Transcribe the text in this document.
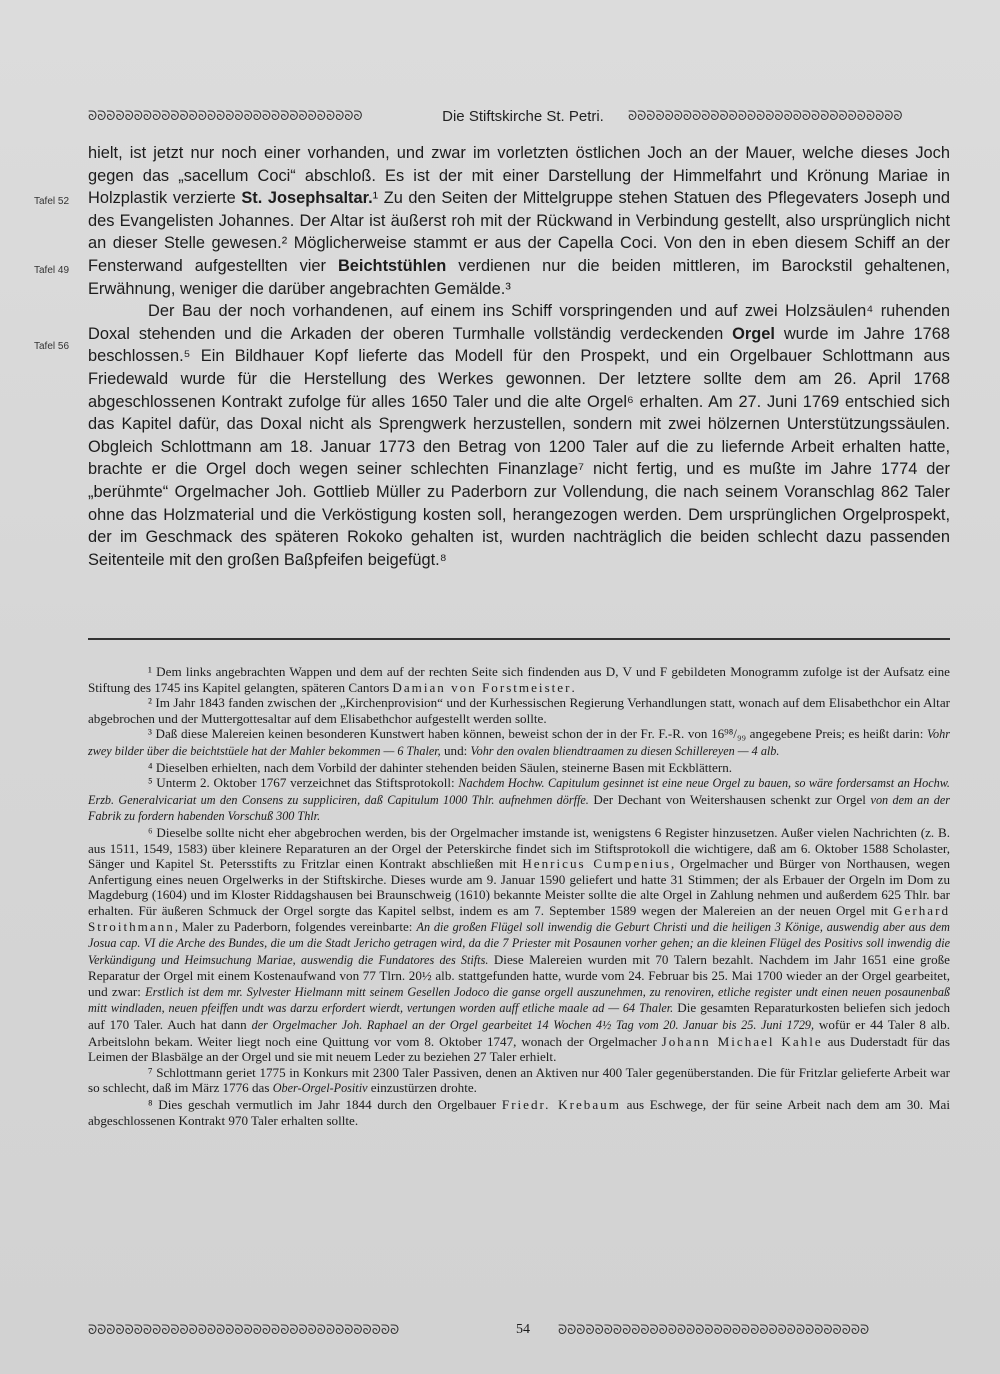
ᘐᘐᘐᘐᘐᘐᘐᘐᘐᘐᘐᘐᘐᘐᘐᘐᘐᘐᘐᘐᘐᘐᘐᘐᘐᘐᘐᘐᘐᘐ	Die Stiftskirche St. Petri.	ᘐᘐᘐᘐᘐᘐᘐᘐᘐᘐᘐᘐᘐᘐᘐᘐᘐᘐᘐᘐᘐᘐᘐᘐᘐᘐᘐᘐᘐᘐ
Tafel 52
Tafel 49
Tafel 56

hielt, ist jetzt nur noch einer vorhanden, und zwar im vorletzten östlichen Joch an der Mauer, welche dieses Joch gegen das „sacellum Coci“ abschloß. Es ist der mit einer Darstellung der Himmelfahrt und Krönung Mariae in Holzplastik verzierte St. Josephsaltar.¹ Zu den Seiten der Mittelgruppe stehen Statuen des Pflegevaters Joseph und des Evangelisten Johannes. Der Altar ist äußerst roh mit der Rückwand in Verbindung gestellt, also ursprünglich nicht an dieser Stelle gewesen.² Möglicherweise stammt er aus der Capella Coci. Von den in eben diesem Schiff an der Fensterwand aufgestellten vier Beichtstühlen verdienen nur die beiden mittleren, im Barockstil gehaltenen, Erwähnung, weniger die darüber angebrachten Gemälde.³

Der Bau der noch vorhandenen, auf einem ins Schiff vorspringenden und auf zwei Holzsäulen⁴ ruhenden Doxal stehenden und die Arkaden der oberen Turmhalle vollständig verdeckenden Orgel wurde im Jahre 1768 beschlossen.⁵ Ein Bildhauer Kopf lieferte das Modell für den Prospekt, und ein Orgelbauer Schlottmann aus Friedewald wurde für die Herstellung des Werkes gewonnen. Der letztere sollte dem am 26. April 1768 abgeschlossenen Kontrakt zufolge für alles 1650 Taler und die alte Orgel⁶ erhalten. Am 27. Juni 1769 entschied sich das Kapitel dafür, das Doxal nicht als Sprengwerk herzustellen, sondern mit zwei hölzernen Unterstützungssäulen. Obgleich Schlottmann am 18. Januar 1773 den Betrag von 1200 Taler auf die zu liefernde Arbeit erhalten hatte, brachte er die Orgel doch wegen seiner schlechten Finanzlage⁷ nicht fertig, und es mußte im Jahre 1774 der „berühmte“ Orgelmacher Joh. Gottlieb Müller zu Paderborn zur Vollendung, die nach seinem Voranschlag 862 Taler ohne das Holzmaterial und die Verköstigung kosten soll, herangezogen werden. Dem ursprünglichen Orgelprospekt, der im Geschmack des späteren Rokoko gehalten ist, wurden nachträglich die beiden schlecht dazu passenden Seitenteile mit den großen Baßpfeifen beigefügt.⁸

¹ Dem links angebrachten Wappen und dem auf der rechten Seite sich findenden aus D, V und F gebildeten Monogramm zufolge ist der Aufsatz eine Stiftung des 1745 ins Kapitel gelangten, späteren Cantors Damian von Forstmeister.

² Im Jahr 1843 fanden zwischen der „Kirchenprovision“ und der Kurhessischen Regierung Verhandlungen statt, wonach auf dem Elisabethchor ein Altar abgebrochen und der Muttergottesaltar auf dem Elisabethchor aufgestellt werden sollte.

³ Daß diese Malereien keinen besonderen Kunstwert haben können, beweist schon der in der Fr. F.-R. von 16⁹⁸/₉₉ angegebene Preis; es heißt darin: Vohr zwey bilder über die beichtstüele hat der Mahler bekommen — 6 Thaler, und: Vohr den ovalen bliendtraamen zu diesen Schillereyen — 4 alb.

⁴ Dieselben erhielten, nach dem Vorbild der dahinter stehenden beiden Säulen, steinerne Basen mit Eckblättern.

⁵ Unterm 2. Oktober 1767 verzeichnet das Stiftsprotokoll: Nachdem Hochw. Capitulum gesinnet ist eine neue Orgel zu bauen, so wäre fordersamst an Hochw. Erzb. Generalvicariat um den Consens zu suppliciren, daß Capitulum 1000 Thlr. aufnehmen dörffe. Der Dechant von Weitershausen schenkt zur Orgel von dem an der Fabrik zu fordern habenden Vorschuß 300 Thlr.

⁶ Dieselbe sollte nicht eher abgebrochen werden, bis der Orgelmacher imstande ist, wenigstens 6 Register hinzusetzen. Außer vielen Nachrichten (z. B. aus 1511, 1549, 1583) über kleinere Reparaturen an der Orgel der Peterskirche findet sich im Stiftsprotokoll die wichtigere, daß am 6. Oktober 1588 Scholaster, Sänger und Kapitel St. Petersstifts zu Fritzlar einen Kontrakt abschließen mit Henricus Cumpenius, Orgelmacher und Bürger von Northausen, wegen Anfertigung eines neuen Orgelwerks in der Stiftskirche. Dieses wurde am 9. Januar 1590 geliefert und hatte 31 Stimmen; der als Erbauer der Orgeln im Dom zu Magdeburg (1604) und im Kloster Riddagshausen bei Braunschweig (1610) bekannte Meister sollte die alte Orgel in Zahlung nehmen und außerdem 625 Thlr. bar erhalten. Für äußeren Schmuck der Orgel sorgte das Kapitel selbst, indem es am 7. September 1589 wegen der Malereien an der neuen Orgel mit Gerhard Stroithmann, Maler zu Paderborn, folgendes vereinbarte: An die großen Flügel soll inwendig die Geburt Christi und die heiligen 3 Könige, auswendig aber aus dem Josua cap. VI die Arche des Bundes, die um die Stadt Jericho getragen wird, da die 7 Priester mit Posaunen vorher gehen; an die kleinen Flügel des Positivs soll inwendig die Verkündigung und Heimsuchung Mariae, auswendig die Fundatores des Stifts. Diese Malereien wurden mit 70 Talern bezahlt. Nachdem im Jahr 1651 eine große Reparatur der Orgel mit einem Kostenaufwand von 77 Tlrn. 20½ alb. stattgefunden hatte, wurde vom 24. Februar bis 25. Mai 1700 wieder an der Orgel gearbeitet, und zwar: Erstlich ist dem mr. Sylvester Hielmann mitt seinem Gesellen Jodoco die ganse orgell auszunehmen, zu renoviren, etliche register undt einen neuen posaunenbaß mitt windladen, neuen pfeiffen undt was darzu erfordert wierdt, vertungen worden auff etliche maale ad — 64 Thaler. Die gesamten Reparaturkosten beliefen sich jedoch auf 170 Taler. Auch hat dann der Orgelmacher Joh. Raphael an der Orgel gearbeitet 14 Wochen 4½ Tag vom 20. Januar bis 25. Juni 1729, wofür er 44 Taler 8 alb. Arbeitslohn bekam. Weiter liegt noch eine Quittung vor vom 8. Oktober 1747, wonach der Orgelmacher Johann Michael Kahle aus Duderstadt für das Leimen der Blasbälge an der Orgel und sie mit neuem Leder zu beziehen 27 Taler erhielt.

⁷ Schlottmann geriet 1775 in Konkurs mit 2300 Taler Passiven, denen an Aktiven nur 400 Taler gegenüberstanden. Die für Fritzlar gelieferte Arbeit war so schlecht, daß im März 1776 das Ober-Orgel-Positiv einzustürzen drohte.

⁸ Dies geschah vermutlich im Jahr 1844 durch den Orgelbauer Friedr. Krebaum aus Eschwege, der für seine Arbeit nach dem am 30. Mai abgeschlossenen Kontrakt 970 Taler erhalten sollte.

ᘐᘐᘐᘐᘐᘐᘐᘐᘐᘐᘐᘐᘐᘐᘐᘐᘐᘐᘐᘐᘐᘐᘐᘐᘐᘐᘐᘐᘐᘐᘐᘐᘐᘐ	54	ᘐᘐᘐᘐᘐᘐᘐᘐᘐᘐᘐᘐᘐᘐᘐᘐᘐᘐᘐᘐᘐᘐᘐᘐᘐᘐᘐᘐᘐᘐᘐᘐᘐᘐ
